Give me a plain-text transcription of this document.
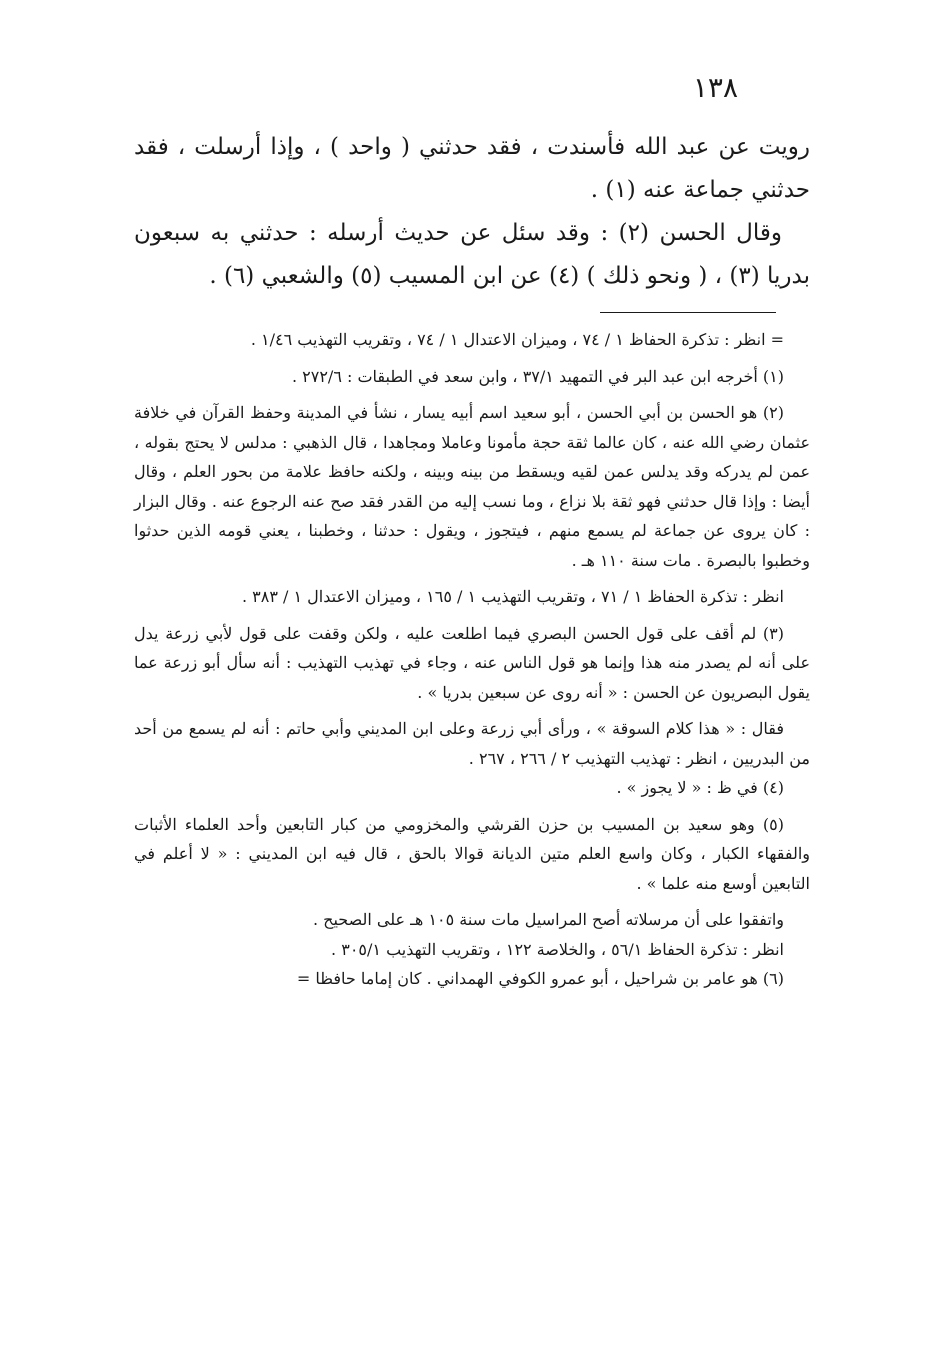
١٣٨

رويت عن عبد الله فأسندت ، فقد حدثني ( واحد ) ، وإذا أرسلت ، فقد حدثني جماعة عنه (١) .

وقال الحسن (٢) : وقد سئل عن حديث أرسله : حدثني به سبعون بدريا (٣) ، ( ونحو ذلك ) (٤) عن ابن المسيب (٥) والشعبي (٦) .

= انظر : تذكرة الحفاظ ١ / ٧٤ ، وميزان الاعتدال ١ / ٧٤ ، وتقريب التهذيب ١/٤٦ .

(١) أخرجه ابن عبد البر في التمهيد ٣٧/١ ، وابن سعد في الطبقات : ٢٧٢/٦ .

(٢) هو الحسن بن أبي الحسن ، أبو سعيد اسم أبيه يسار ، نشأ في المدينة وحفظ القرآن في خلافة عثمان رضي الله عنه ، كان عالما ثقة حجة مأمونا وعاملا ومجاهدا ، قال الذهبي : مدلس لا يحتج بقوله ، عمن لم يدركه وقد يدلس عمن لقيه ويسقط من بينه وبينه ، ولكنه حافظ علامة من بحور العلم ، وقال أيضا : وإذا قال حدثني فهو ثقة بلا نزاع ، وما نسب إليه من القدر فقد صح عنه الرجوع عنه . وقال البزار : كان يروى عن جماعة لم يسمع منهم ، فيتجوز ، ويقول : حدثنا ، وخطبنا ، يعني قومه الذين حدثوا وخطبوا بالبصرة . مات سنة ١١٠ هـ .

انظر : تذكرة الحفاظ ١ / ٧١ ، وتقريب التهذيب ١ / ١٦٥ ، وميزان الاعتدال ١ / ٣٨٣ .

(٣) لم أقف على قول الحسن البصري فيما اطلعت عليه ، ولكن وقفت على قول لأبي زرعة يدل على أنه لم يصدر منه هذا وإنما هو قول الناس عنه ، وجاء في تهذيب التهذيب : أنه سأل أبو زرعة عما يقول البصريون عن الحسن : « أنه روى عن سبعين بدريا » .

فقال : « هذا كلام السوقة » ، ورأى أبي زرعة وعلى ابن المديني وأبي حاتم : أنه لم يسمع من أحد من البدريين ، انظر : تهذيب التهذيب ٢ / ٢٦٦ ، ٢٦٧ .

(٤) في ظ : « لا يجوز » .

(٥) وهو سعيد بن المسيب بن حزن القرشي والمخزومي من كبار التابعين وأحد العلماء الأثبات والفقهاء الكبار ، وكان واسع العلم متين الديانة قوالا بالحق ، قال فيه ابن المديني : « لا أعلم في التابعين أوسع منه علما » .

واتفقوا على أن مرسلاته أصح المراسيل مات سنة ١٠٥ هـ على الصحيح .

انظر : تذكرة الحفاظ ٥٦/١ ، والخلاصة ١٢٢ ، وتقريب التهذيب ٣٠٥/١ .

(٦) هو عامر بن شراحيل ، أبو عمرو الكوفي الهمداني . كان إماما حافظا =
